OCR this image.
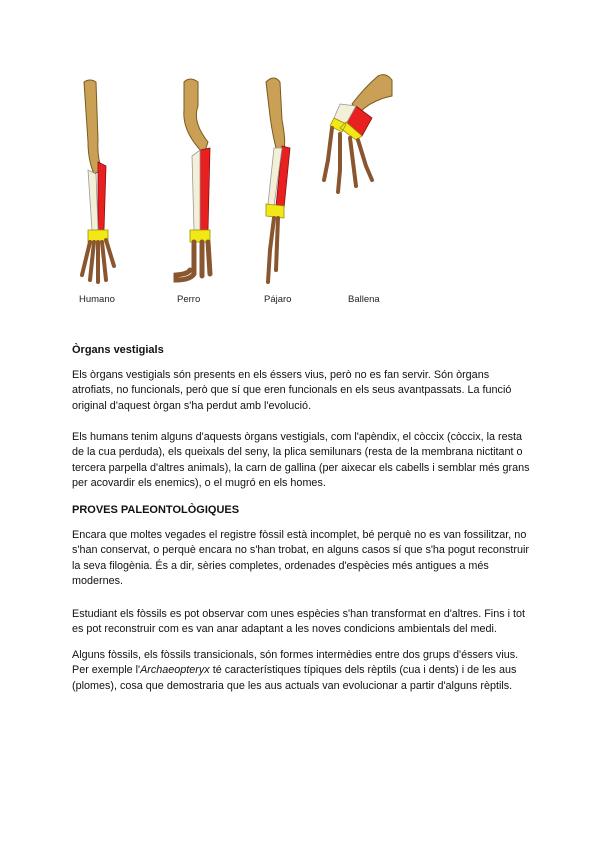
Humano	Perro	Pájaro	Ballena
Òrgans vestigials

Els òrgans vestigials són presents en els éssers vius, però no es fan servir. Són òrgans atrofiats, no funcionals, però que sí que eren funcionals en els seus avantpassats. La funció original d'aquest òrgan s'ha perdut amb l'evolució.

Els humans tenim alguns d'aquests òrgans vestigials, com l'apèndix, el còccix (còccix, la resta de la cua perduda), els queixals del seny, la plica semilunars (resta de la membrana nictitant o tercera parpella d'altres animals), la carn de gallina (per aixecar els cabells i semblar més grans per acovardir els enemics), o el mugró en els homes.

PROVES PALEONTOLÒGIQUES

Encara que moltes vegades el registre fòssil està incomplet, bé perquè no es van fossilitzar, no s'han conservat, o perquè encara no s'han trobat, en alguns casos sí que s'ha pogut reconstruir la seva filogènia. És a dir, sèries completes, ordenades d'espècies més antigues a més modernes.

Estudiant els fòssils es pot observar com unes espècies s'han transformat en d'altres. Fins i tot es pot reconstruir com es van anar adaptant a les noves condicions ambientals del medi.

Alguns fòssils, els fòssils transicionals, són formes intermèdies entre dos grups d'éssers vius. Per exemple l'Archaeopteryx té característiques típiques dels rèptils (cua i dents) i de les aus (plomes), cosa que demostraria que les aus actuals van evolucionar a partir d'alguns rèptils.
